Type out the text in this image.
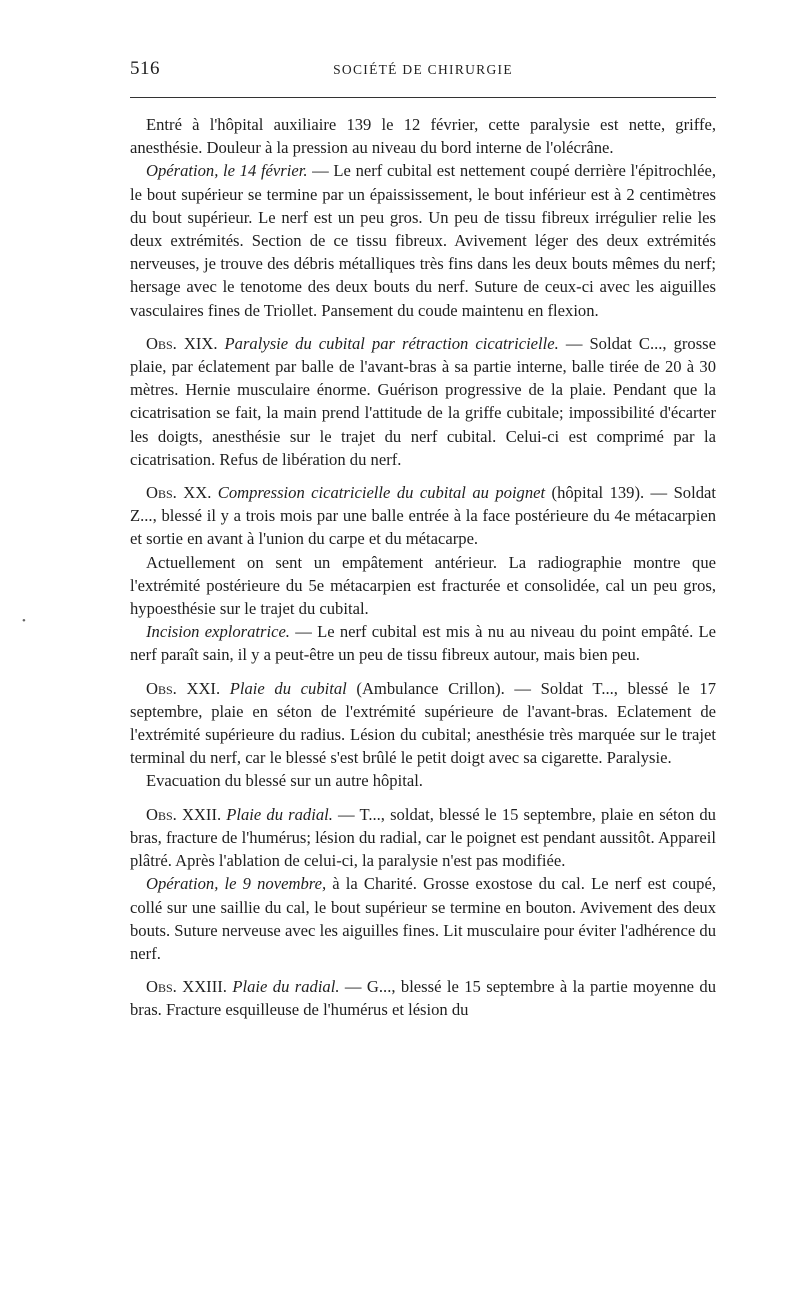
516	SOCIÉTÉ DE CHIRURGIE
•

Entré à l'hôpital auxiliaire 139 le 12 février, cette paralysie est nette, griffe, anesthésie. Douleur à la pression au niveau du bord interne de l'olécrâne.

Opération, le 14 février. — Le nerf cubital est nettement coupé derrière l'épitrochlée, le bout supérieur se termine par un épaississement, le bout inférieur est à 2 centimètres du bout supérieur. Le nerf est un peu gros. Un peu de tissu fibreux irrégulier relie les deux extrémités. Section de ce tissu fibreux. Avivement léger des deux extrémités nerveuses, je trouve des débris métalliques très fins dans les deux bouts mêmes du nerf; hersage avec le tenotome des deux bouts du nerf. Suture de ceux-ci avec les aiguilles vasculaires fines de Triollet. Pansement du coude maintenu en flexion.

Obs. XIX. Paralysie du cubital par rétraction cicatricielle. — Soldat C..., grosse plaie, par éclatement par balle de l'avant-bras à sa partie interne, balle tirée de 20 à 30 mètres. Hernie musculaire énorme. Guérison progressive de la plaie. Pendant que la cicatrisation se fait, la main prend l'attitude de la griffe cubitale; impossibilité d'écarter les doigts, anesthésie sur le trajet du nerf cubital. Celui-ci est comprimé par la cicatrisation. Refus de libération du nerf.

Obs. XX. Compression cicatricielle du cubital au poignet (hôpital 139). — Soldat Z..., blessé il y a trois mois par une balle entrée à la face postérieure du 4e métacarpien et sortie en avant à l'union du carpe et du métacarpe.

Actuellement on sent un empâtement antérieur. La radiographie montre que l'extrémité postérieure du 5e métacarpien est fracturée et consolidée, cal un peu gros, hypoesthésie sur le trajet du cubital.

Incision exploratrice. — Le nerf cubital est mis à nu au niveau du point empâté. Le nerf paraît sain, il y a peut-être un peu de tissu fibreux autour, mais bien peu.

Obs. XXI. Plaie du cubital (Ambulance Crillon). — Soldat T..., blessé le 17 septembre, plaie en séton de l'extrémité supérieure de l'avant-bras. Eclatement de l'extrémité supérieure du radius. Lésion du cubital; anesthésie très marquée sur le trajet terminal du nerf, car le blessé s'est brûlé le petit doigt avec sa cigarette. Paralysie.

Evacuation du blessé sur un autre hôpital.

Obs. XXII. Plaie du radial. — T..., soldat, blessé le 15 septembre, plaie en séton du bras, fracture de l'humérus; lésion du radial, car le poignet est pendant aussitôt. Appareil plâtré. Après l'ablation de celui-ci, la paralysie n'est pas modifiée.

Opération, le 9 novembre, à la Charité. Grosse exostose du cal. Le nerf est coupé, collé sur une saillie du cal, le bout supérieur se termine en bouton. Avivement des deux bouts. Suture nerveuse avec les aiguilles fines. Lit musculaire pour éviter l'adhérence du nerf.

Obs. XXIII. Plaie du radial. — G..., blessé le 15 septembre à la partie moyenne du bras. Fracture esquilleuse de l'humérus et lésion du
